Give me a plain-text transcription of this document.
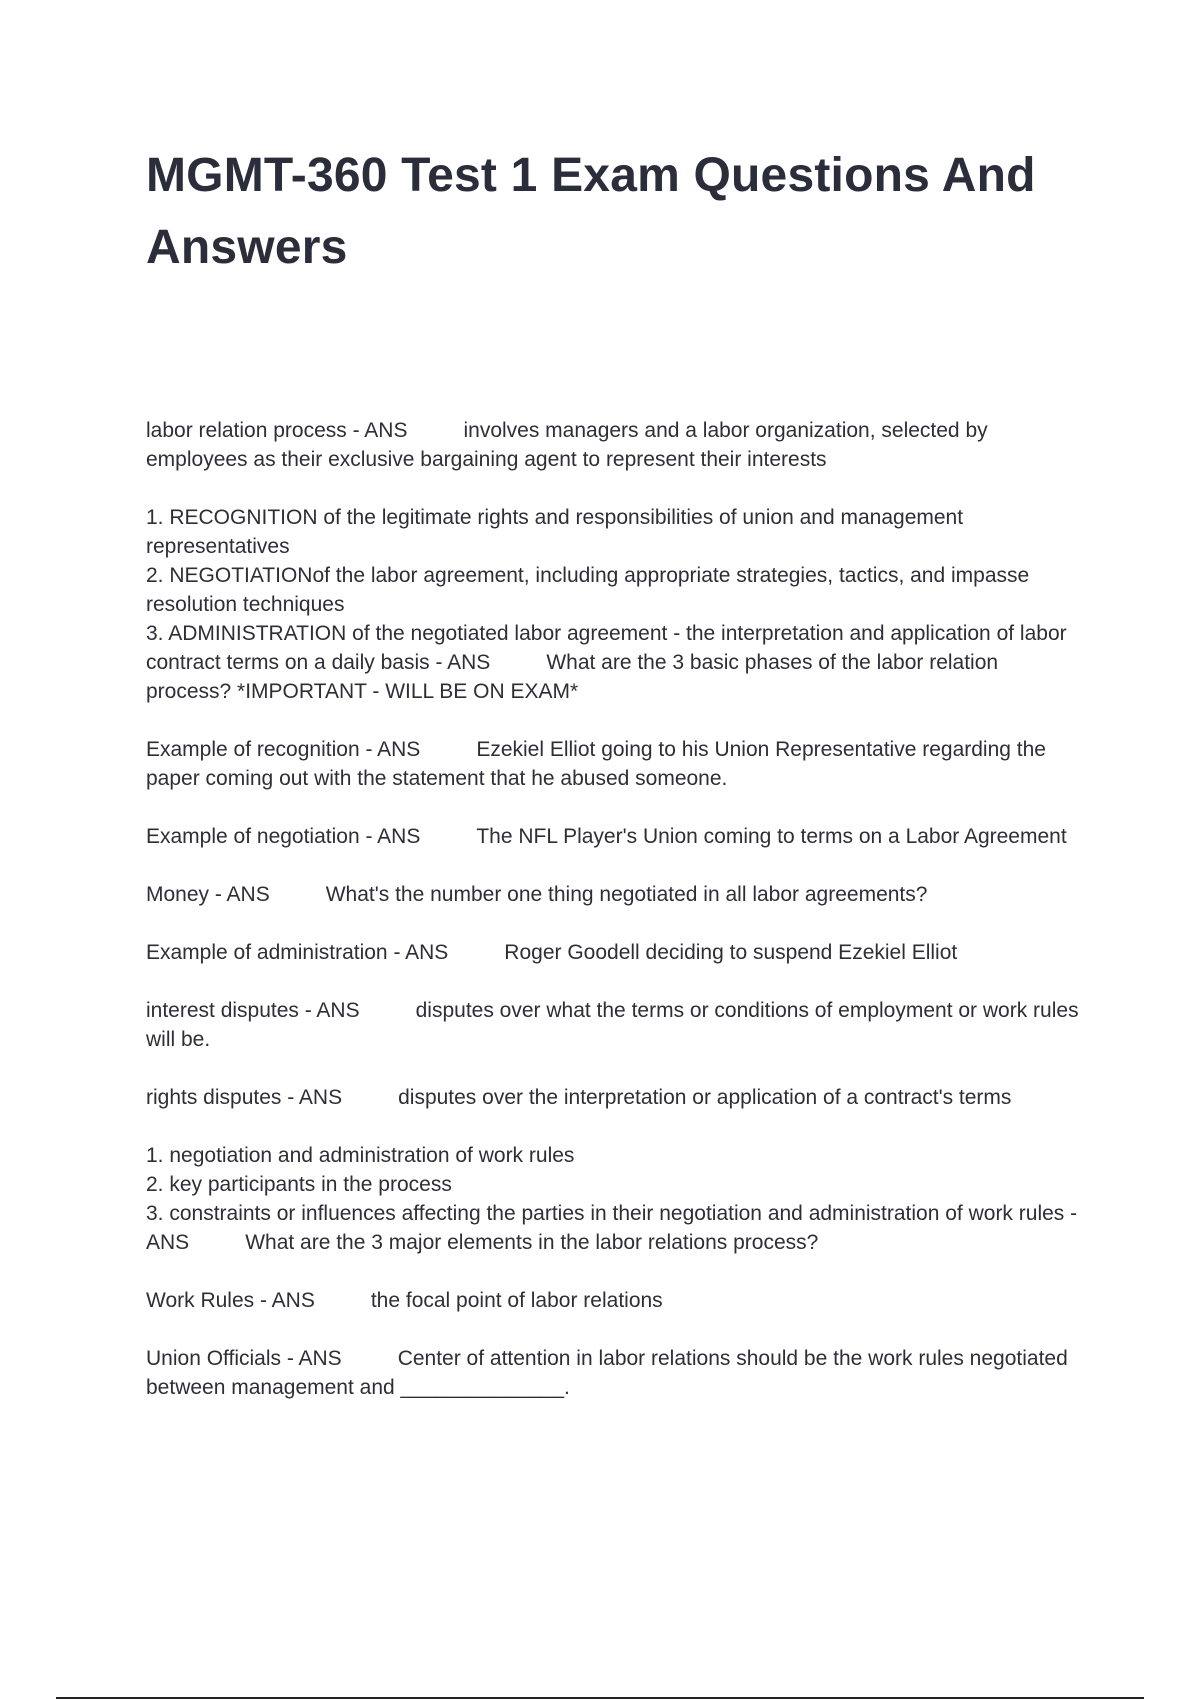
MGMT-360 Test 1 Exam Questions And Answers

labor relation process - ANS	involves managers and a labor organization, selected by employees as their exclusive bargaining agent to represent their interests

1. RECOGNITION of the legitimate rights and responsibilities of union and management representatives
2. NEGOTIATIONof the labor agreement, including appropriate strategies, tactics, and impasse resolution techniques
3. ADMINISTRATION of the negotiated labor agreement - the interpretation and application of labor contract terms on a daily basis - ANS	What are the 3 basic phases of the labor relation process? *IMPORTANT - WILL BE ON EXAM*

Example of recognition - ANS	Ezekiel Elliot going to his Union Representative regarding the paper coming out with the statement that he abused someone.

Example of negotiation - ANS	The NFL Player's Union coming to terms on a Labor Agreement

Money - ANS	What's the number one thing negotiated in all labor agreements?

Example of administration - ANS	Roger Goodell deciding to suspend Ezekiel Elliot

interest disputes - ANS	disputes over what the terms or conditions of employment or work rules will be.

rights disputes - ANS	disputes over the interpretation or application of a contract's terms

1. negotiation and administration of work rules
2. key participants in the process
3. constraints or influences affecting the parties in their negotiation and administration of work rules - ANS	What are the 3 major elements in the labor relations process?

Work Rules - ANS	the focal point of labor relations

Union Officials - ANS	Center of attention in labor relations should be the work rules negotiated between management and ______________.
